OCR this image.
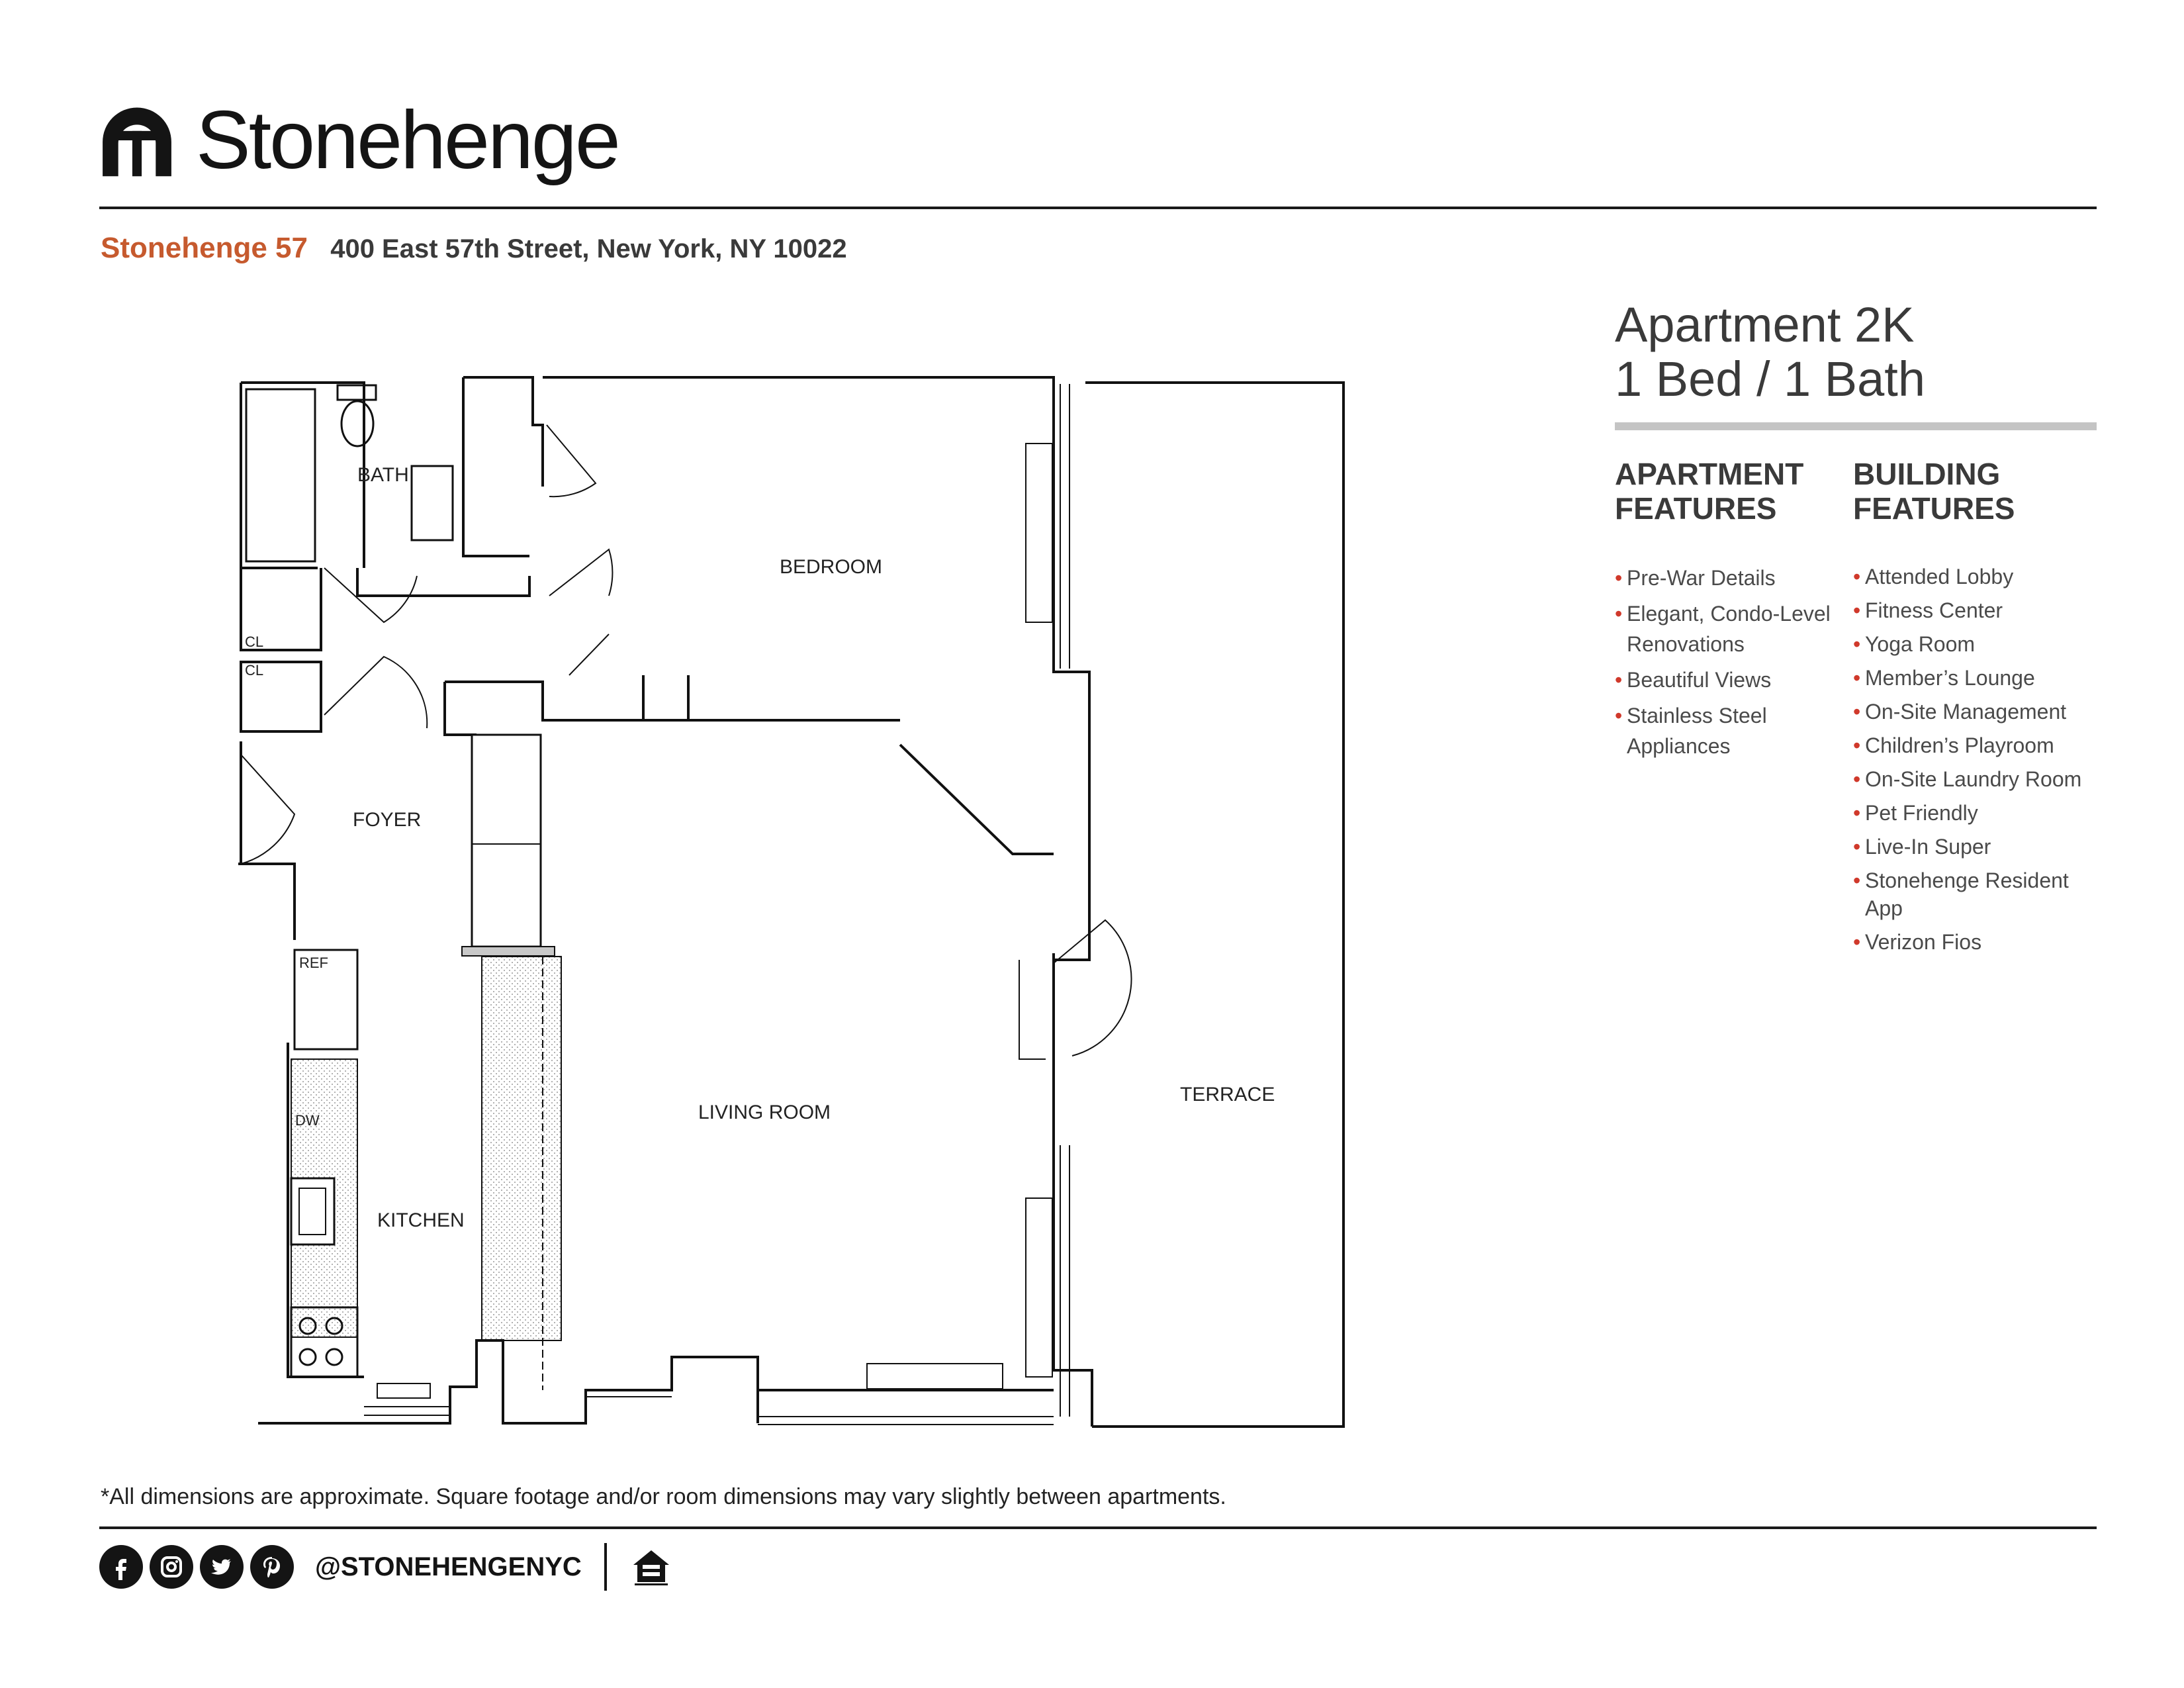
Stonehenge
Stonehenge 57 400 East 57th Street, New York, NY 10022
Apartment 2K
1 Bed / 1 Bath
APARTMENT
FEATURES
• Pre-War Details
• Elegant, Condo-Level Renovations
• Beautiful Views
• Stainless Steel Appliances
BUILDING
FEATURES
• Attended Lobby
• Fitness Center
• Yoga Room
• Member’s Lounge
• On-Site Management
• Children’s Playroom
• On-Site Laundry Room
• Pet Friendly
• Live-In Super
• Stonehenge Resident App
• Verizon Fios
BATH
BEDROOM
FOYER
LIVING ROOM
KITCHEN
TERRACE
CL
CL
REF
DW
*All dimensions are approximate. Square footage and/or room dimensions may vary slightly between apartments.
@STONEHENGENYC
